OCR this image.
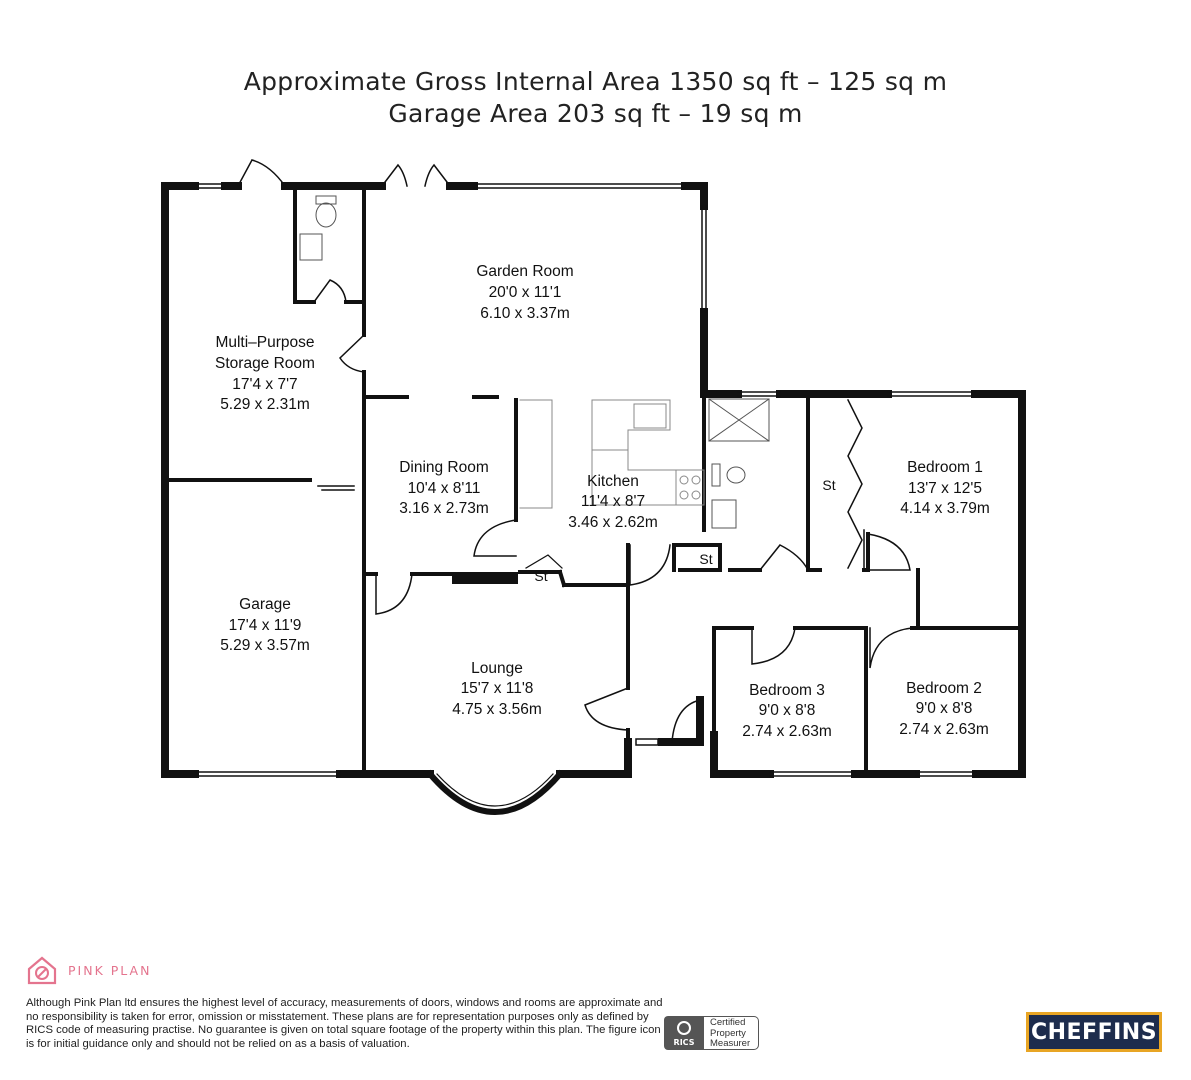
Approximate Gross Internal Area 1350 sq ft – 125 sq m
Garage Area 203 sq ft – 19 sq m
Garden Room
20'0 x 11'1
6.10 x 3.37m
Multi–Purpose
Storage Room
17'4 x 7'7
5.29 x 2.31m
Dining Room
10'4 x 8'11
3.16 x 2.73m
Kitchen
11'4 x 8'7
3.46 x 2.62m
Bedroom 1
13'7 x 12'5
4.14 x 3.79m
Garage
17'4 x 11'9
5.29 x 3.57m
Lounge
15'7 x 11'8
4.75 x 3.56m
Bedroom 3
9'0 x 8'8
2.74 x 2.63m
Bedroom 2
9'0 x 8'8
2.74 x 2.63m
St
St
St
PINK PLAN
Although Pink Plan ltd ensures the highest level of accuracy, measurements of doors, windows and rooms are approximate and no responsibility is taken for error, omission or misstatement. These plans are for representation purposes only as defined by RICS code of measuring practise. No guarantee is given on total square footage of the property within this plan. The figure icon is for initial guidance only and should not be relied on as a basis of valuation.	RICS
Certified
Property
Measurer	CHEFFINS
